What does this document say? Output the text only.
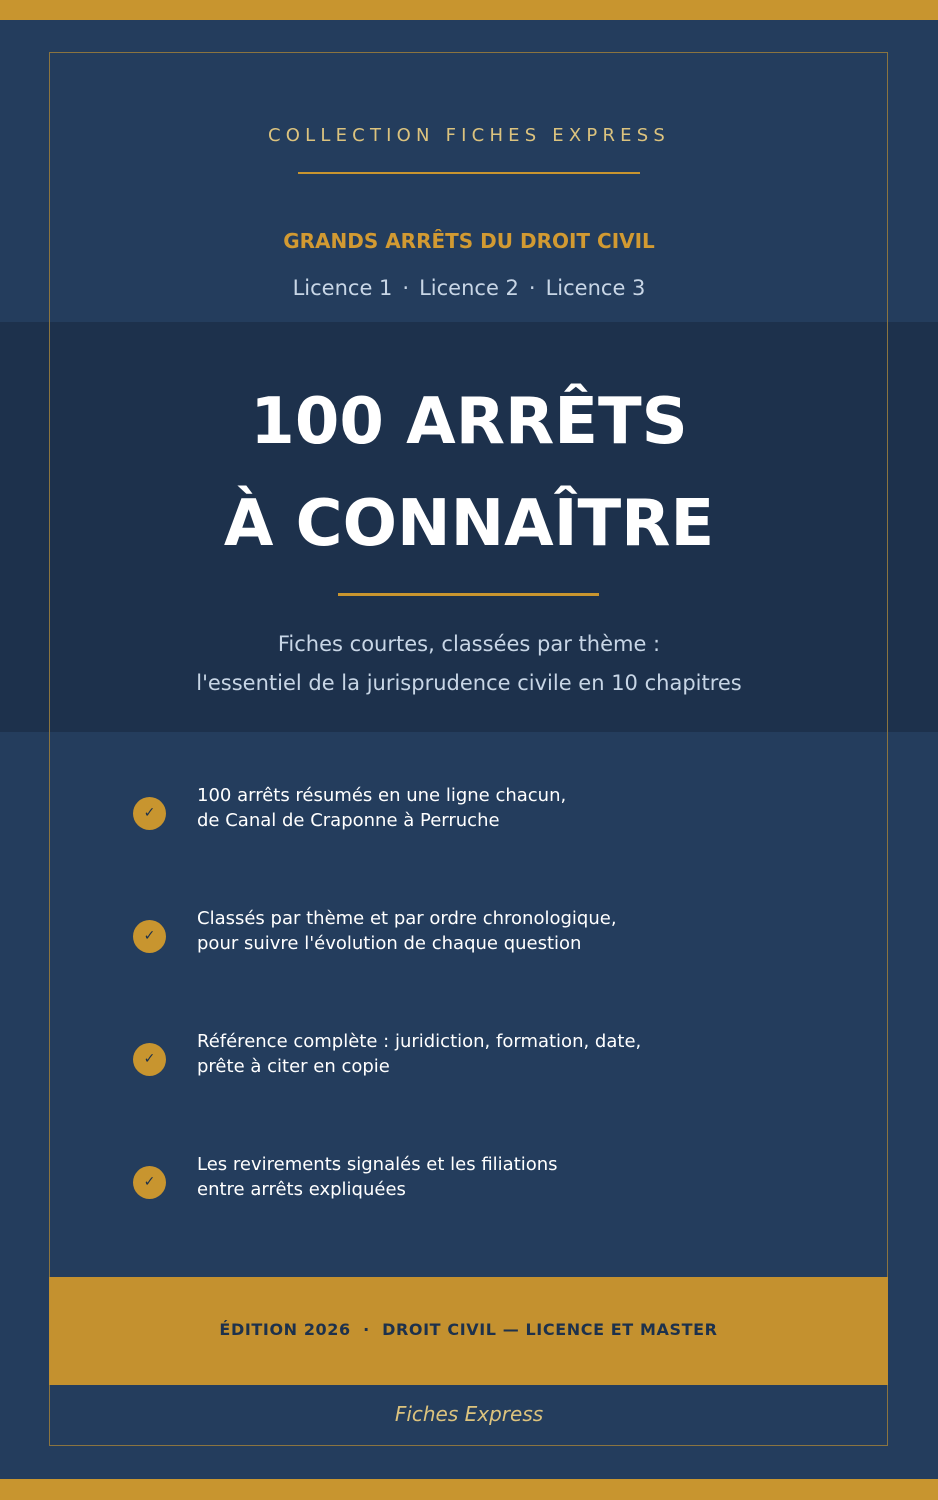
COLLECTION FICHES EXPRESS
GRANDS ARRÊTS DU DROIT CIVIL
Licence 1 · Licence 2 · Licence 3
100 ARRÊTS
À CONNAÎTRE
Fiches courtes, classées par thème :
l'essentiel de la jurisprudence civile en 10 chapitres
✓
100 arrêts résumés en une ligne chacun,
de Canal de Craponne à Perruche
✓
Classés par thème et par ordre chronologique,
pour suivre l'évolution de chaque question
✓
Référence complète : juridiction, formation, date,
prête à citer en copie
✓
Les revirements signalés et les filiations
entre arrêts expliquées
ÉDITION 2026  ·  DROIT CIVIL — LICENCE ET MASTER
Fiches Express
